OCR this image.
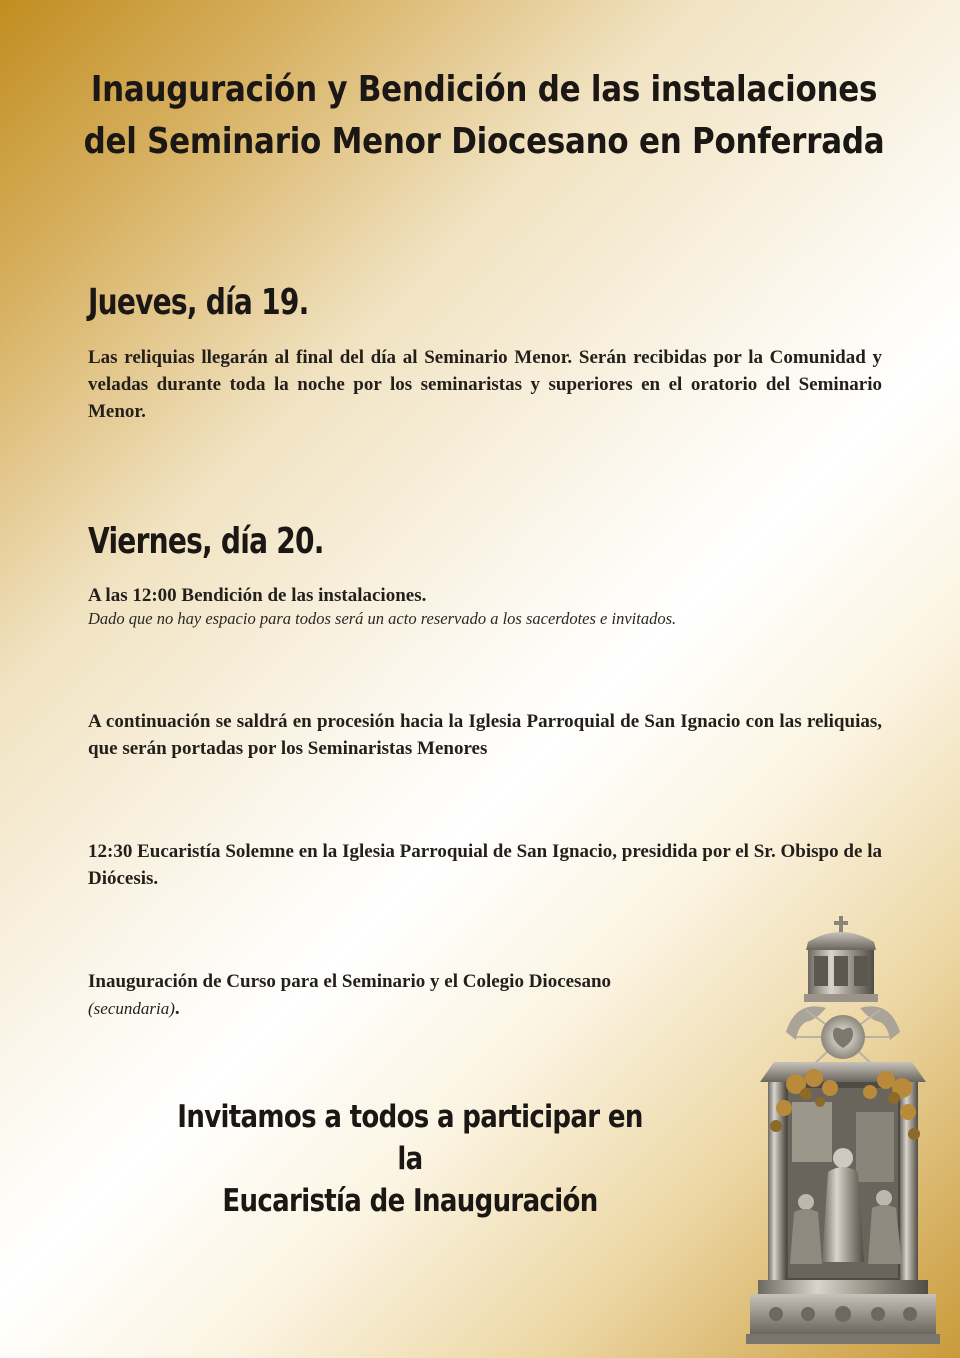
Inauguración y Bendición de las instalaciones
del Seminario Menor Diocesano en Ponferrada
Jueves, día 19.

Las reliquias llegarán al final del día al Seminario Menor. Serán recibidas por la Comunidad y veladas durante toda la noche por los seminaristas y superiores en el oratorio del Seminario Menor.

Viernes, día 20.

A las 12:00 Bendición de las instalaciones.

Dado que no hay espacio para todos será un acto reservado a los sacerdotes e invitados.

A continuación se saldrá en procesión hacia la Iglesia Parroquial de San Ignacio con las reliquias, que serán portadas por los Seminaristas Menores

12:30 Eucaristía Solemne en la Iglesia Parroquial de San Ignacio, presidida por el Sr. Obispo de la Diócesis.

Inauguración de Curso para el Seminario y el Colegio Diocesano
(secundaria).

Invitamos a todos a participar en la
Eucaristía de Inauguración
